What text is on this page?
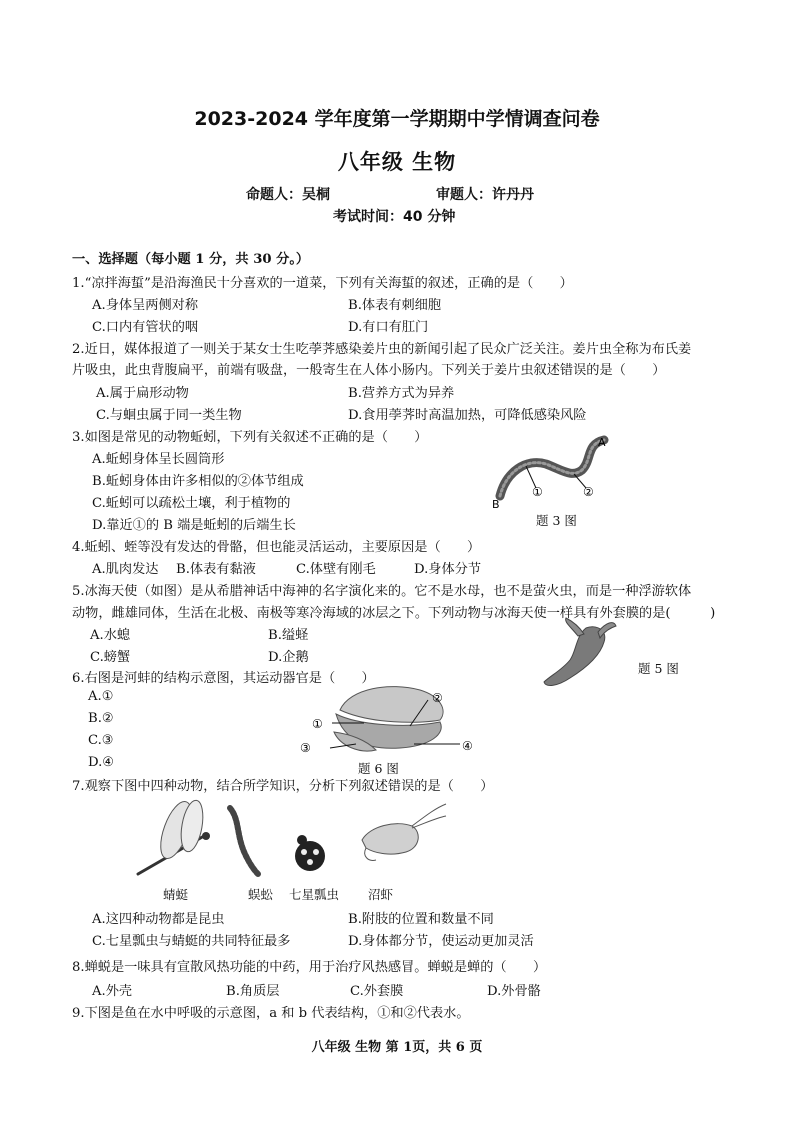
2023-2024 学年度第一学期期中学情调查问卷
八年级 生物
命题人：吴桐	审题人：许丹丹
考试时间：40 分钟
一、选择题（每小题 1 分，共 30 分。）
1.“凉拌海蜇”是沿海渔民十分喜欢的一道菜，下列有关海蜇的叙述，正确的是（　　）
A.身体呈两侧对称	B.体表有刺细胞
C.口内有管状的咽	D.有口有肛门
2.近日，媒体报道了一则关于某女士生吃荸荠感染姜片虫的新闻引起了民众广泛关注。姜片虫全称为布氏姜
片吸虫，此虫背腹扁平，前端有吸盘，一般寄生在人体小肠内。下列关于姜片虫叙述错误的是（　　）
A.属于扁形动物	B.营养方式为异养
C.与蛔虫属于同一类生物	D.食用荸荠时高温加热，可降低感染风险
3.如图是常见的动物蚯蚓，下列有关叙述不正确的是（　　）
A.蚯蚓身体呈长圆筒形
B.蚯蚓身体由许多相似的②体节组成
C.蚯蚓可以疏松土壤，利于植物的
D.靠近①的 B 端是蚯蚓的后端生长
A
B
①	②
题 3 图
4.蚯蚓、蛭等没有发达的骨骼，但也能灵活运动，主要原因是（　　）
A.肌肉发达 B.体表有黏液	C.体壁有刚毛	D.身体分节
5.冰海天使（如图）是从希腊神话中海神的名字演化来的。它不是水母，也不是萤火虫，而是一种浮游软体
动物，雌雄同体，生活在北极、南极等寒冷海域的冰层之下。下列动物与冰海天使一样具有外套膜的是(　　　)
A.水螅	B.缢蛏
C.螃蟹	D.企鹅
题 5 图
6.右图是河蚌的结构示意图，其运动器官是（　　）
A.①
B.②
C.③
D.④
①
②
③	④
题 6 图
7.观察下图中四种动物，结合所学知识，分析下列叙述错误的是（　　）
蜻蜓	蜈蚣 七星瓢虫 沼虾
A.这四种动物都是昆虫	B.附肢的位置和数量不同
C.七星瓢虫与蜻蜓的共同特征最多	D.身体都分节，使运动更加灵活
8.蝉蜕是一味具有宣散风热功能的中药，用于治疗风热感冒。蝉蜕是蝉的（　　）
A.外壳	B.角质层	C.外套膜	D.外骨骼
9.下图是鱼在水中呼吸的示意图，a 和 b 代表结构，①和②代表水。
八年级 生物 第 1页，共 6 页
